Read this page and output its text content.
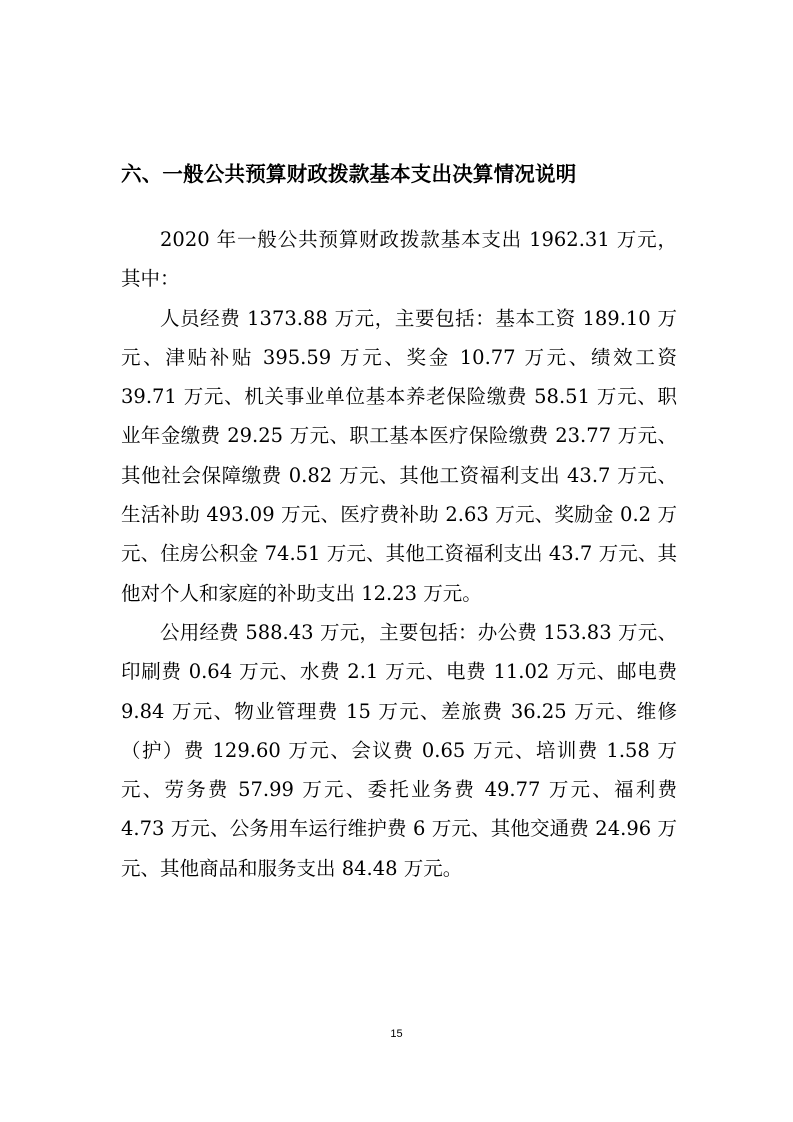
六、一般公共预算财政拨款基本支出决算情况说明

2020 年一般公共预算财政拨款基本支出 1962.31 万元，其中：

人员经费 1373.88 万元，主要包括：基本工资 189.10 万元、津贴补贴 395.59 万元、奖金 10.77 万元、绩效工资 39.71 万元、机关事业单位基本养老保险缴费 58.51 万元、职业年金缴费 29.25 万元、职工基本医疗保险缴费 23.77 万元、其他社会保障缴费 0.82 万元、其他工资福利支出 43.7 万元、生活补助 493.09 万元、医疗费补助 2.63 万元、奖励金 0.2 万元、住房公积金 74.51 万元、其他工资福利支出 43.7 万元、其他对个人和家庭的补助支出 12.23 万元。

公用经费 588.43 万元，主要包括：办公费 153.83 万元、印刷费 0.64 万元、水费 2.1 万元、电费 11.02 万元、邮电费 9.84 万元、物业管理费 15 万元、差旅费 36.25 万元、维修（护）费 129.60 万元、会议费 0.65 万元、培训费 1.58 万元、劳务费 57.99 万元、委托业务费 49.77 万元、福利费 4.73 万元、公务用车运行维护费 6 万元、其他交通费 24.96 万元、其他商品和服务支出 84.48 万元。

15
